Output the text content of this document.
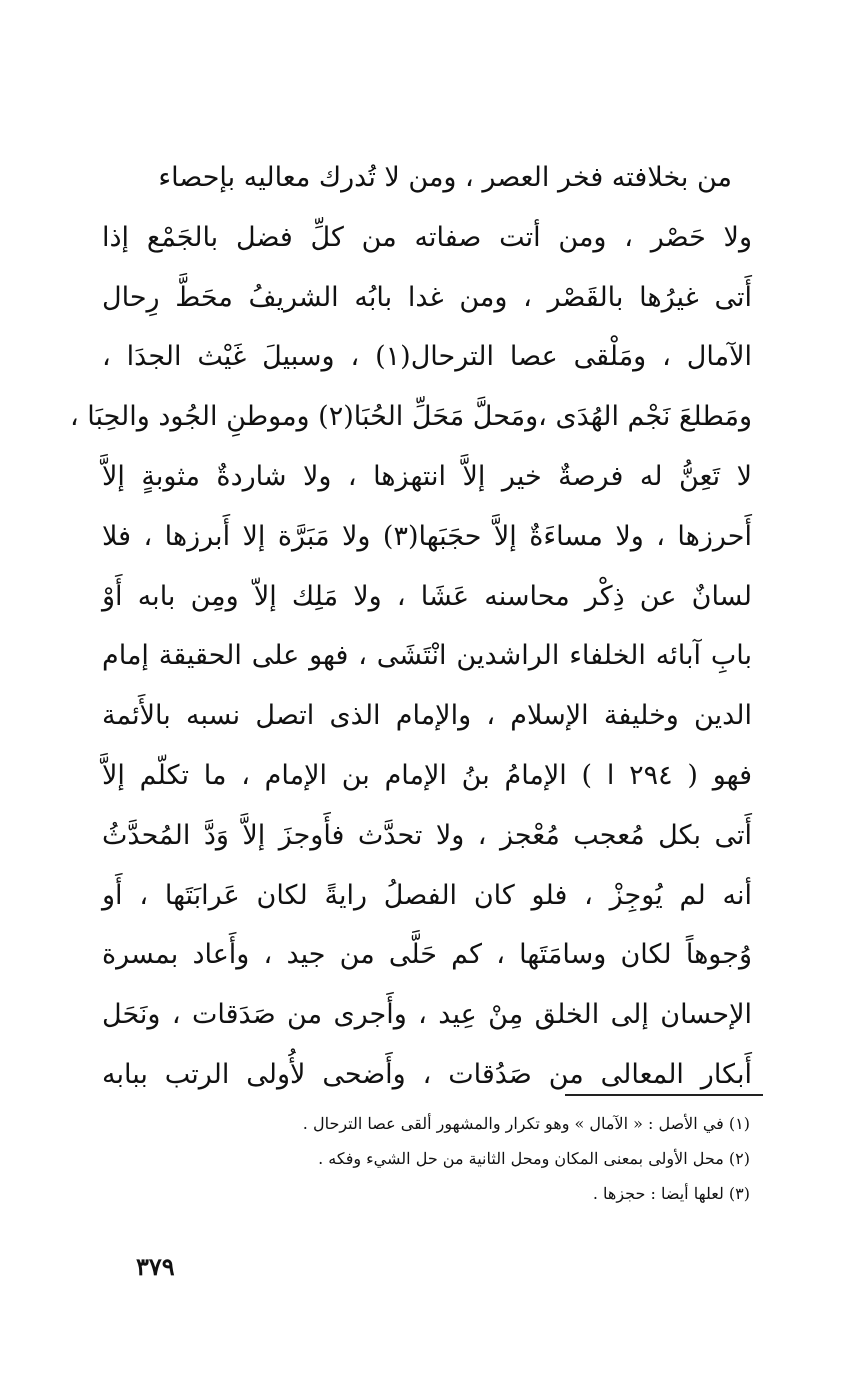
من بخلافته فخر العصر ، ومن لا تُدرك معاليه بإحصاء
ولا حَصْر ، ومن أتت صفاته من كلِّ فضل بالجَمْع إذا
أَتى غيرُها بالقَصْر ، ومن غدا بابُه الشريفُ محَطَّ رِحال
الآمال ، ومَلْقى عصا الترحال(١) ، وسبيلَ غَيْث الجدَا ،
ومَطلعَ نَجْم الهُدَى ،ومَحلَّ مَحَلِّ الحُبَا(٢) وموطنِ الجُود والحِبَا ،
لا تَعِنُّ له فرصةٌ خير إلاَّ انتهزها ، ولا شاردةٌ مثوبةٍ إلاَّ
أَحرزها ، ولا مساءَةٌ إلاَّ حجَبَها(٣) ولا مَبَرَّة إلا أَبرزها ، فلا
لسانٌ عن ذِكْر محاسنه عَشَا ، ولا مَلِك إلاّ ومِن بابه أَوْ
بابِ آبائه الخلفاء الراشدين انْتَشَى ، فهو على الحقيقة إمام
الدين وخليفة الإسلام ، والإمام الذى اتصل نسبه بالأَئمة
فهو ( ٢٩٤ ا ) الإمامُ بنُ الإمام بن الإمام ، ما تكلّم إلاَّ
أَتى بكل مُعجب مُعْجز ، ولا تحدَّث فأَوجزَ إلاَّ وَدَّ المُحدَّثُ
أنه لم يُوجِزْ ، فلو كان الفصلُ رايةً لكان عَرابَتَها ، أَو
وُجوهاً لكان وسامَتَها ، كم حَلَّى من جيد ، وأَعاد بمسرة
الإحسان إلى الخلق مِنْ عِيد ، وأَجرى من صَدَقات ، ونَحَل
أَبكار المعالى من صَدُقات ، وأَضحى لأُولى الرتب ببابه
(١) في الأصل : « الآمال » وهو تكرار والمشهور ألقى عصا الترحال .
(٢) محل الأولى بمعنى المكان ومحل الثانية من حل الشيء وفكه .
(٣) لعلها أيضا : حجزها .
٣٧٩
